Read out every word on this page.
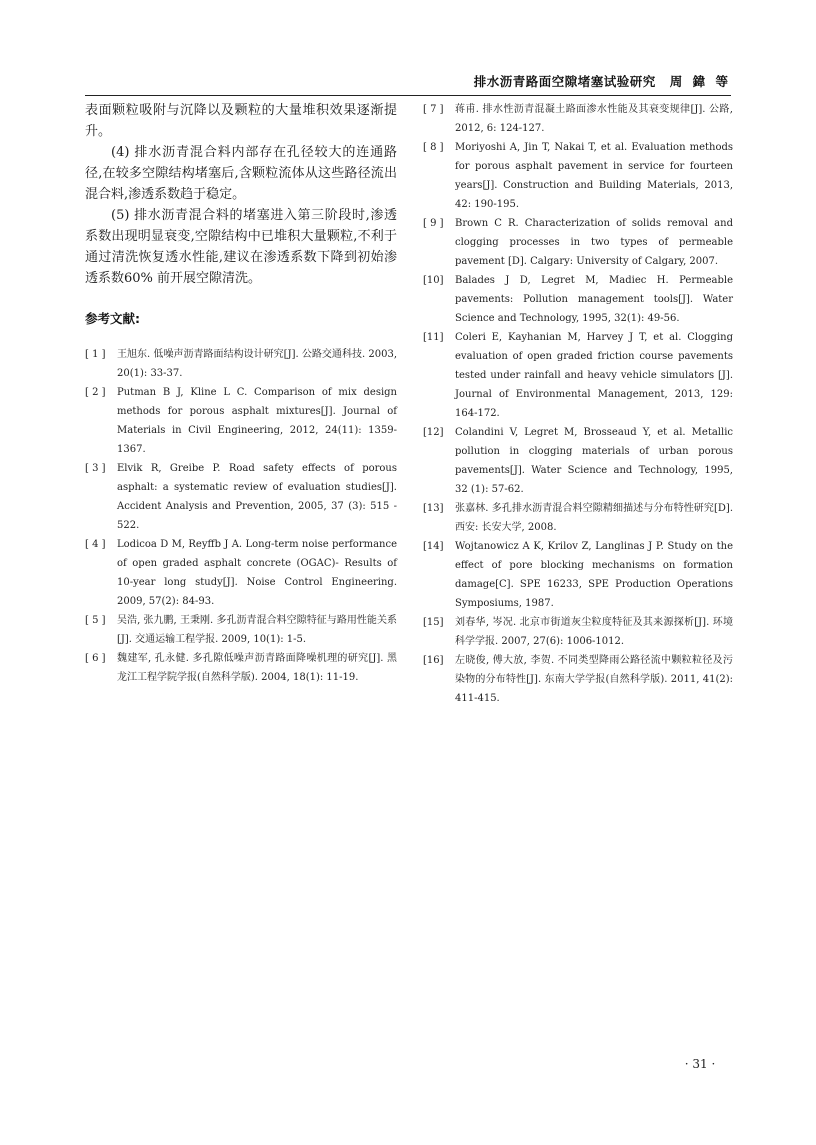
排水沥青路面空隙堵塞试验研究 周 鍏 等

表面颗粒吸附与沉降以及颗粒的大量堆积效果逐渐提升。

(4) 排水沥青混合料内部存在孔径较大的连通路径,在较多空隙结构堵塞后,含颗粒流体从这些路径流出混合料,渗透系数趋于稳定。

(5) 排水沥青混合料的堵塞进入第三阶段时,渗透系数出现明显衰变,空隙结构中已堆积大量颗粒,不利于通过清洗恢复透水性能,建议在渗透系数下降到初始渗透系数60% 前开展空隙清洗。

参考文献:

[ 1 ]	王旭东. 低噪声沥青路面结构设计研究[J]. 公路交通科技. 2003, 20(1): 33-37.

[ 2 ]	Putman B J, Kline L C. Comparison of mix design methods for porous asphalt mixtures[J]. Journal of Materials in Civil Engineering, 2012, 24(11): 1359-1367.

[ 3 ]	Elvik R, Greibe P. Road safety effects of porous asphalt: a systematic review of evaluation studies[J]. Accident Analysis and Prevention, 2005, 37 (3): 515 - 522.

[ 4 ]	Lodicoa D M, Reyffb J A. Long-term noise performance of open graded asphalt concrete (OGAC)- Results of 10-year long study[J]. Noise Control Engineering. 2009, 57(2): 84-93.

[ 5 ]	吴浩, 张九鹏, 王秉刚. 多孔沥青混合料空隙特征与路用性能关系[J]. 交通运输工程学报. 2009, 10(1): 1-5.

[ 6 ]	魏建军, 孔永健. 多孔隙低噪声沥青路面降噪机理的研究[J]. 黑龙江工程学院学报(自然科学版). 2004, 18(1): 11-19.

[ 7 ]	蒋甫. 排水性沥青混凝土路面渗水性能及其衰变规律[J]. 公路, 2012, 6: 124-127.

[ 8 ]	Moriyoshi A, Jin T, Nakai T, et al. Evaluation methods for porous asphalt pavement in service for fourteen years[J]. Construction and Building Materials, 2013, 42: 190-195.

[ 9 ]	Brown C R. Characterization of solids removal and clogging processes in two types of permeable pavement [D]. Calgary: University of Calgary, 2007.

[10]	Balades J D, Legret M, Madiec H. Permeable pavements: Pollution management tools[J]. Water Science and Technology, 1995, 32(1): 49-56.

[11]	Coleri E, Kayhanian M, Harvey J T, et al. Clogging evaluation of open graded friction course pavements tested under rainfall and heavy vehicle simulators [J]. Journal of Environmental Management, 2013, 129: 164-172.

[12]	Colandini V, Legret M, Brosseaud Y, et al. Metallic pollution in clogging materials of urban porous pavements[J]. Water Science and Technology, 1995, 32 (1): 57-62.

[13]	张嘉林. 多孔排水沥青混合料空隙精细描述与分布特性研究[D]. 西安: 长安大学, 2008.

[14]	Wojtanowicz A K, Krilov Z, Langlinas J P. Study on the effect of pore blocking mechanisms on formation damage[C]. SPE 16233, SPE Production Operations Symposiums, 1987.

[15]	刘春华, 岑况. 北京市街道灰尘粒度特征及其来源探析[J]. 环境科学学报. 2007, 27(6): 1006-1012.

[16]	左晓俊, 傅大放, 李贺. 不同类型降雨公路径流中颗粒粒径及污染物的分布特性[J]. 东南大学学报(自然科学版). 2011, 41(2): 411-415.

· 31 ·
